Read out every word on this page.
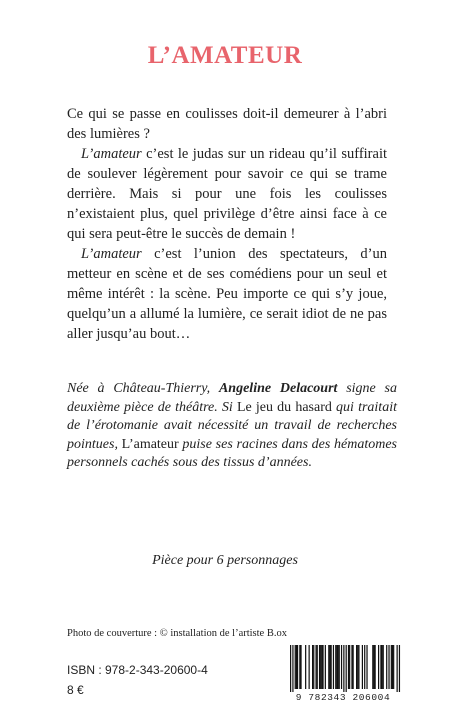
L’AMATEUR

Ce qui se passe en coulisses doit-il demeurer à l’abri des lumières ?

L’amateur c’est le judas sur un rideau qu’il suffirait de soulever légèrement pour savoir ce qui se trame derrière. Mais si pour une fois les coulisses n’existaient plus, quel privilège d’être ainsi face à ce qui sera peut-être le succès de demain !

L’amateur c’est l’union des spectateurs, d’un metteur en scène et de ses comédiens pour un seul et même intérêt : la scène. Peu importe ce qui s’y joue, quelqu’un a allumé la lumière, ce serait idiot de ne pas aller jusqu’au bout…

Née à Château-Thierry, Angeline Delacourt signe sa deuxième pièce de théâtre. Si Le jeu du hasard qui traitait de l’érotomanie avait nécessité un travail de recherches pointues, L’amateur puise ses racines dans des hématomes personnels cachés sous des tissus d’années.

Pièce pour 6 personnages

Photo de couverture : © installation de l’artiste B.ox

ISBN : 978-2-343-20600-4

8 €

9 782343 206004
